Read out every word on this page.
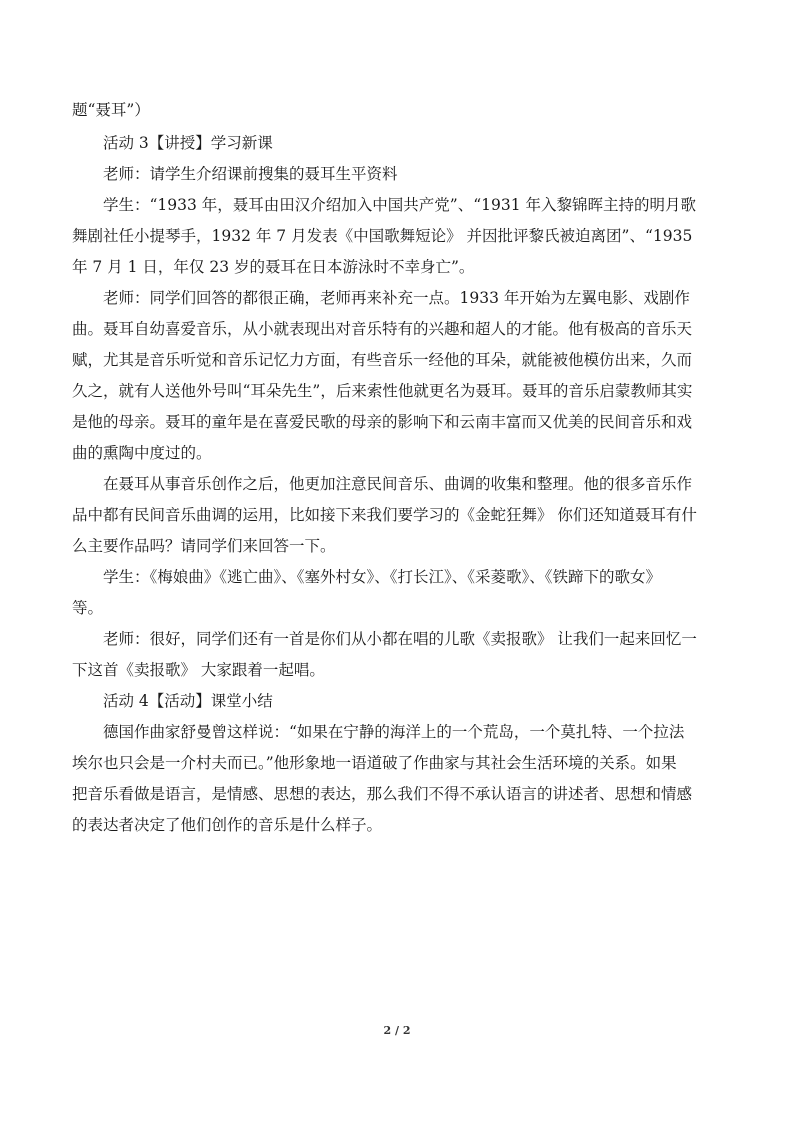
题“聂耳”）
活动 3【讲授】学习新课
老师：请学生介绍课前搜集的聂耳生平资料
学生：“1933 年，聂耳由田汉介绍加入中国共产党”、“1931 年入黎锦晖主持的明月歌
舞剧社任小提琴手，1932 年 7 月发表《中国歌舞短论》 并因批评黎氏被迫离团”、“1935
年 7 月 1 日，年仅 23 岁的聂耳在日本游泳时不幸身亡”。
老师：同学们回答的都很正确，老师再来补充一点。1933 年开始为左翼电影、戏剧作
曲。聂耳自幼喜爱音乐，从小就表现出对音乐特有的兴趣和超人的才能。他有极高的音乐天
赋，尤其是音乐听觉和音乐记忆力方面，有些音乐一经他的耳朵，就能被他模仿出来，久而
久之，就有人送他外号叫“耳朵先生”，后来索性他就更名为聂耳。聂耳的音乐启蒙教师其实
是他的母亲。聂耳的童年是在喜爱民歌的母亲的影响下和云南丰富而又优美的民间音乐和戏
曲的熏陶中度过的。
在聂耳从事音乐创作之后，他更加注意民间音乐、曲调的收集和整理。他的很多音乐作
品中都有民间音乐曲调的运用，比如接下来我们要学习的《金蛇狂舞》 你们还知道聂耳有什
么主要作品吗？请同学们来回答一下。
学生：《梅娘曲》《逃亡曲》、《塞外村女》、《打长江》、《采菱歌》、《铁蹄下的歌女》
等。
老师：很好，同学们还有一首是你们从小都在唱的儿歌《卖报歌》 让我们一起来回忆一
下这首《卖报歌》 大家跟着一起唱。
活动 4【活动】课堂小结
德国作曲家舒曼曾这样说：“如果在宁静的海洋上的一个荒岛，一个莫扎特、一个拉法
埃尔也只会是一介村夫而已。”他形象地一语道破了作曲家与其社会生活环境的关系。如果
把音乐看做是语言，是情感、思想的表达，那么我们不得不承认语言的讲述者、思想和情感
的表达者决定了他们创作的音乐是什么样子。
2 / 2
